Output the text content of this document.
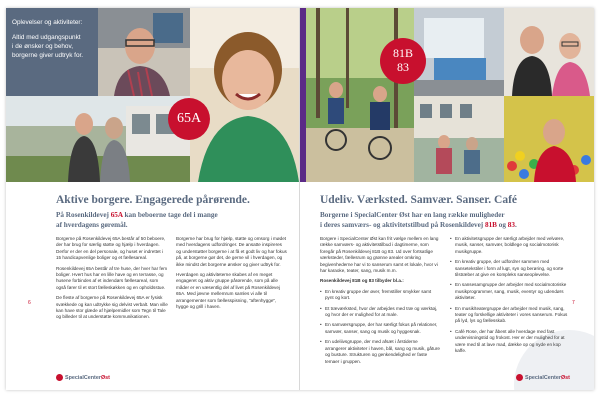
Oplevelser og aktiviteter:
Altid med udgangspunkt
i de ønsker og behov,
borgerne giver udtryk for.
65A
81B
83
Aktive borgere. Engagerede pårørende.
På Rosenkildevej 65A kan beboerne tage del i mange
af hverdagens gøremål.

Borgerne på Rosenkildevej 65A består af 50 beboere, der har brug for særlig støtte og hjælp i hverdagen. Derfor er der en del personale, og huset er indrettet i 15 handicapvenlige boliger og et fællesareal.

Rosenkildevej 65A består af tre huse, der hver har fem boliger. Hvert hus har en lille have og en terrasse, og husene forbindes af et indendørs fællesareal, som også fører til et stort fælleskøkken og en opholdsstue.

De fleste af borgerne på Rosenkildevej 65A er fysisk svækkede og kan udtrykke sig delvist verbalt. Man ville kan have stor glæde af hjælpemidler som Tegn til Tale og billeder til at understøtte kommunikationen.

Borgerne har brug for hjælp, støtte og omsorg i mødet med hverdagens udfordringer. De ansatte inspireres og understøtter borgerne i at få et godt liv og har fokus på, at borgerne gør det, de gerne vil i hverdagen, og ikke mindst det borgerne ønsker og giver udtryk for.

Hverdagen og aktiviteterne skabes af en meget engageret og aktiv gruppe pårørende, som på alle måder er en væsentlig del af livet på Rosenkildevej 65A. Med jævne mellemrum samles vi alle til arrangementer som fællesspisning, "aftenhygge", hygge og grill i haven.

6
SpecialCenterØst
Udeliv. Værksted. Samvær. Sanser. Café
Borgerne i SpecialCenter Øst har en lang række muligheder
i deres samværs- og aktivitetstilbud på Rosenkildevej 81B og 83.

Borgere i SpecialCenter Øst kan frit vælge mellem en lang række samværs- og aktivitetstilbud i dagtimerne, som foregår på Rosenkildevej 81B og 83. Ud over fortsatlige værksteder, fællesrum og grønne arealer omkring begivenhederne har vi to sanserum samt et lokale, hvor vi har karaoke, teater, sang, musik m.m.

Rosenkildevej 81B og 83 tilbyder bl.a.:

• En kreativ gruppe der øver, fremstiller smykker samt pynt og kort.
• Et træværksted, hvor der arbejdes med træ og værktøj, og hvor der er mulighed for at male.
• En samværsgruppe, der har særligt fokus på relationer, samvær, sanser, sang og musik og hyggesnak.
• En udeliivsgruppe, der med afsæt i årstiderne arrangerer aktiviteter i haven, bål, sang og musik, gåture og busture. Strukturen og genkendelighed er faste temaer i gruppen.
• En aktivitetsgruppe der særligt arbejder med velvære, musik, sanser, samvær, boldlege og socialmotorisk musikgruppe.
• En kreativ gruppe, der udfordrer sammen med sansetekstiler i form af lugt, syn og berøring, og sorte tilstræber at give en kompleks sanseoplevelse.
• En sansesamgruppe der arbejder med socialmotoriske musikprogrammer, sang, musik, eventyr og udendørs aktiviteter.
• En musik/teatergruppe der arbejder med musik, sang, teater og forskellige aktiviteter i vores sanserum. Fokus på lyd, lys og fællesskab.
• Café Rose, der har åbent alle hverdage med fast undervisningstid og frokost. Her er der mulighed for at være med til at lave mad, dække op og nyde en kop kaffe.
7
SpecialCenterØst
